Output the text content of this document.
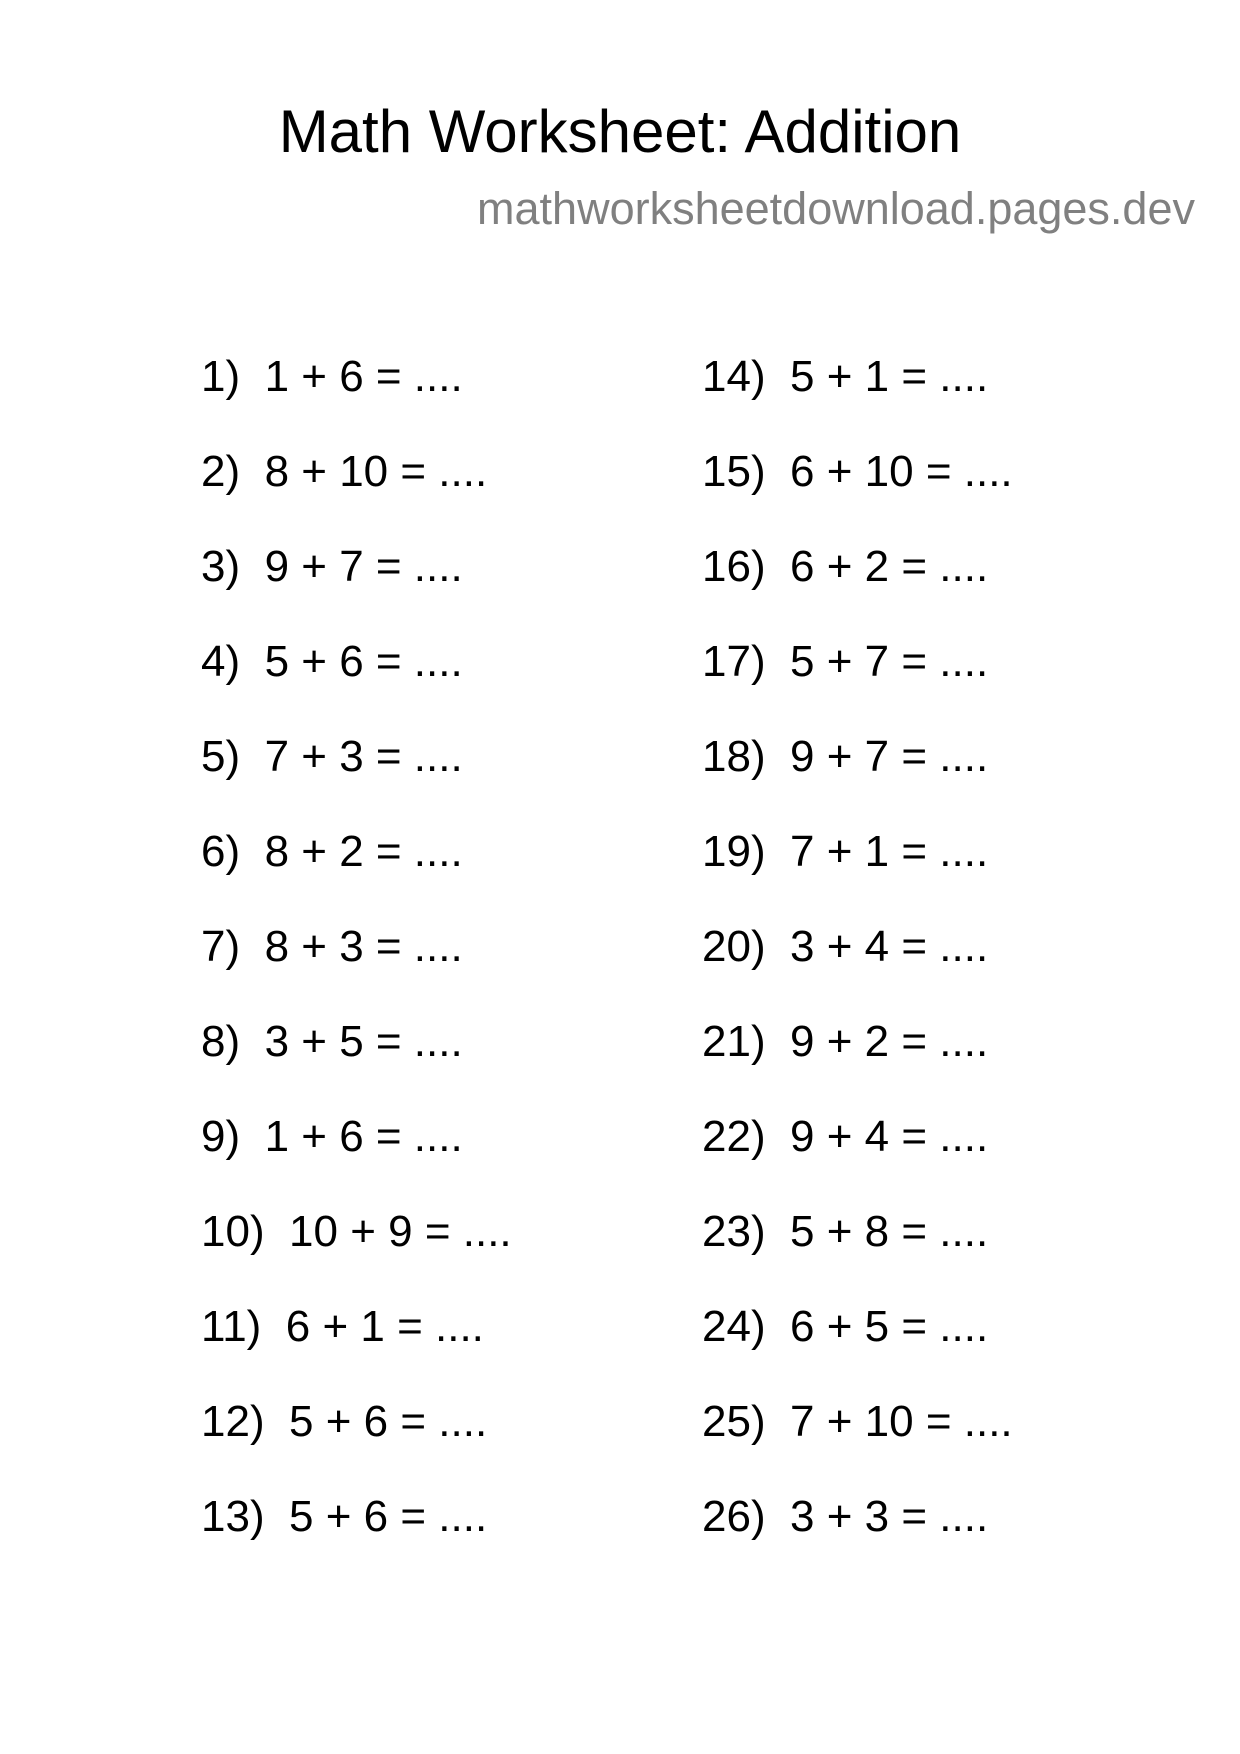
Math Worksheet: Addition
mathworksheetdownload.pages.dev
1) 1 + 6 = ....
2) 8 + 10 = ....
3) 9 + 7 = ....
4) 5 + 6 = ....
5) 7 + 3 = ....
6) 8 + 2 = ....
7) 8 + 3 = ....
8) 3 + 5 = ....
9) 1 + 6 = ....
10) 10 + 9 = ....
11) 6 + 1 = ....
12) 5 + 6 = ....
13) 5 + 6 = ....
14) 5 + 1 = ....
15) 6 + 10 = ....
16) 6 + 2 = ....
17) 5 + 7 = ....
18) 9 + 7 = ....
19) 7 + 1 = ....
20) 3 + 4 = ....
21) 9 + 2 = ....
22) 9 + 4 = ....
23) 5 + 8 = ....
24) 6 + 5 = ....
25) 7 + 10 = ....
26) 3 + 3 = ....
